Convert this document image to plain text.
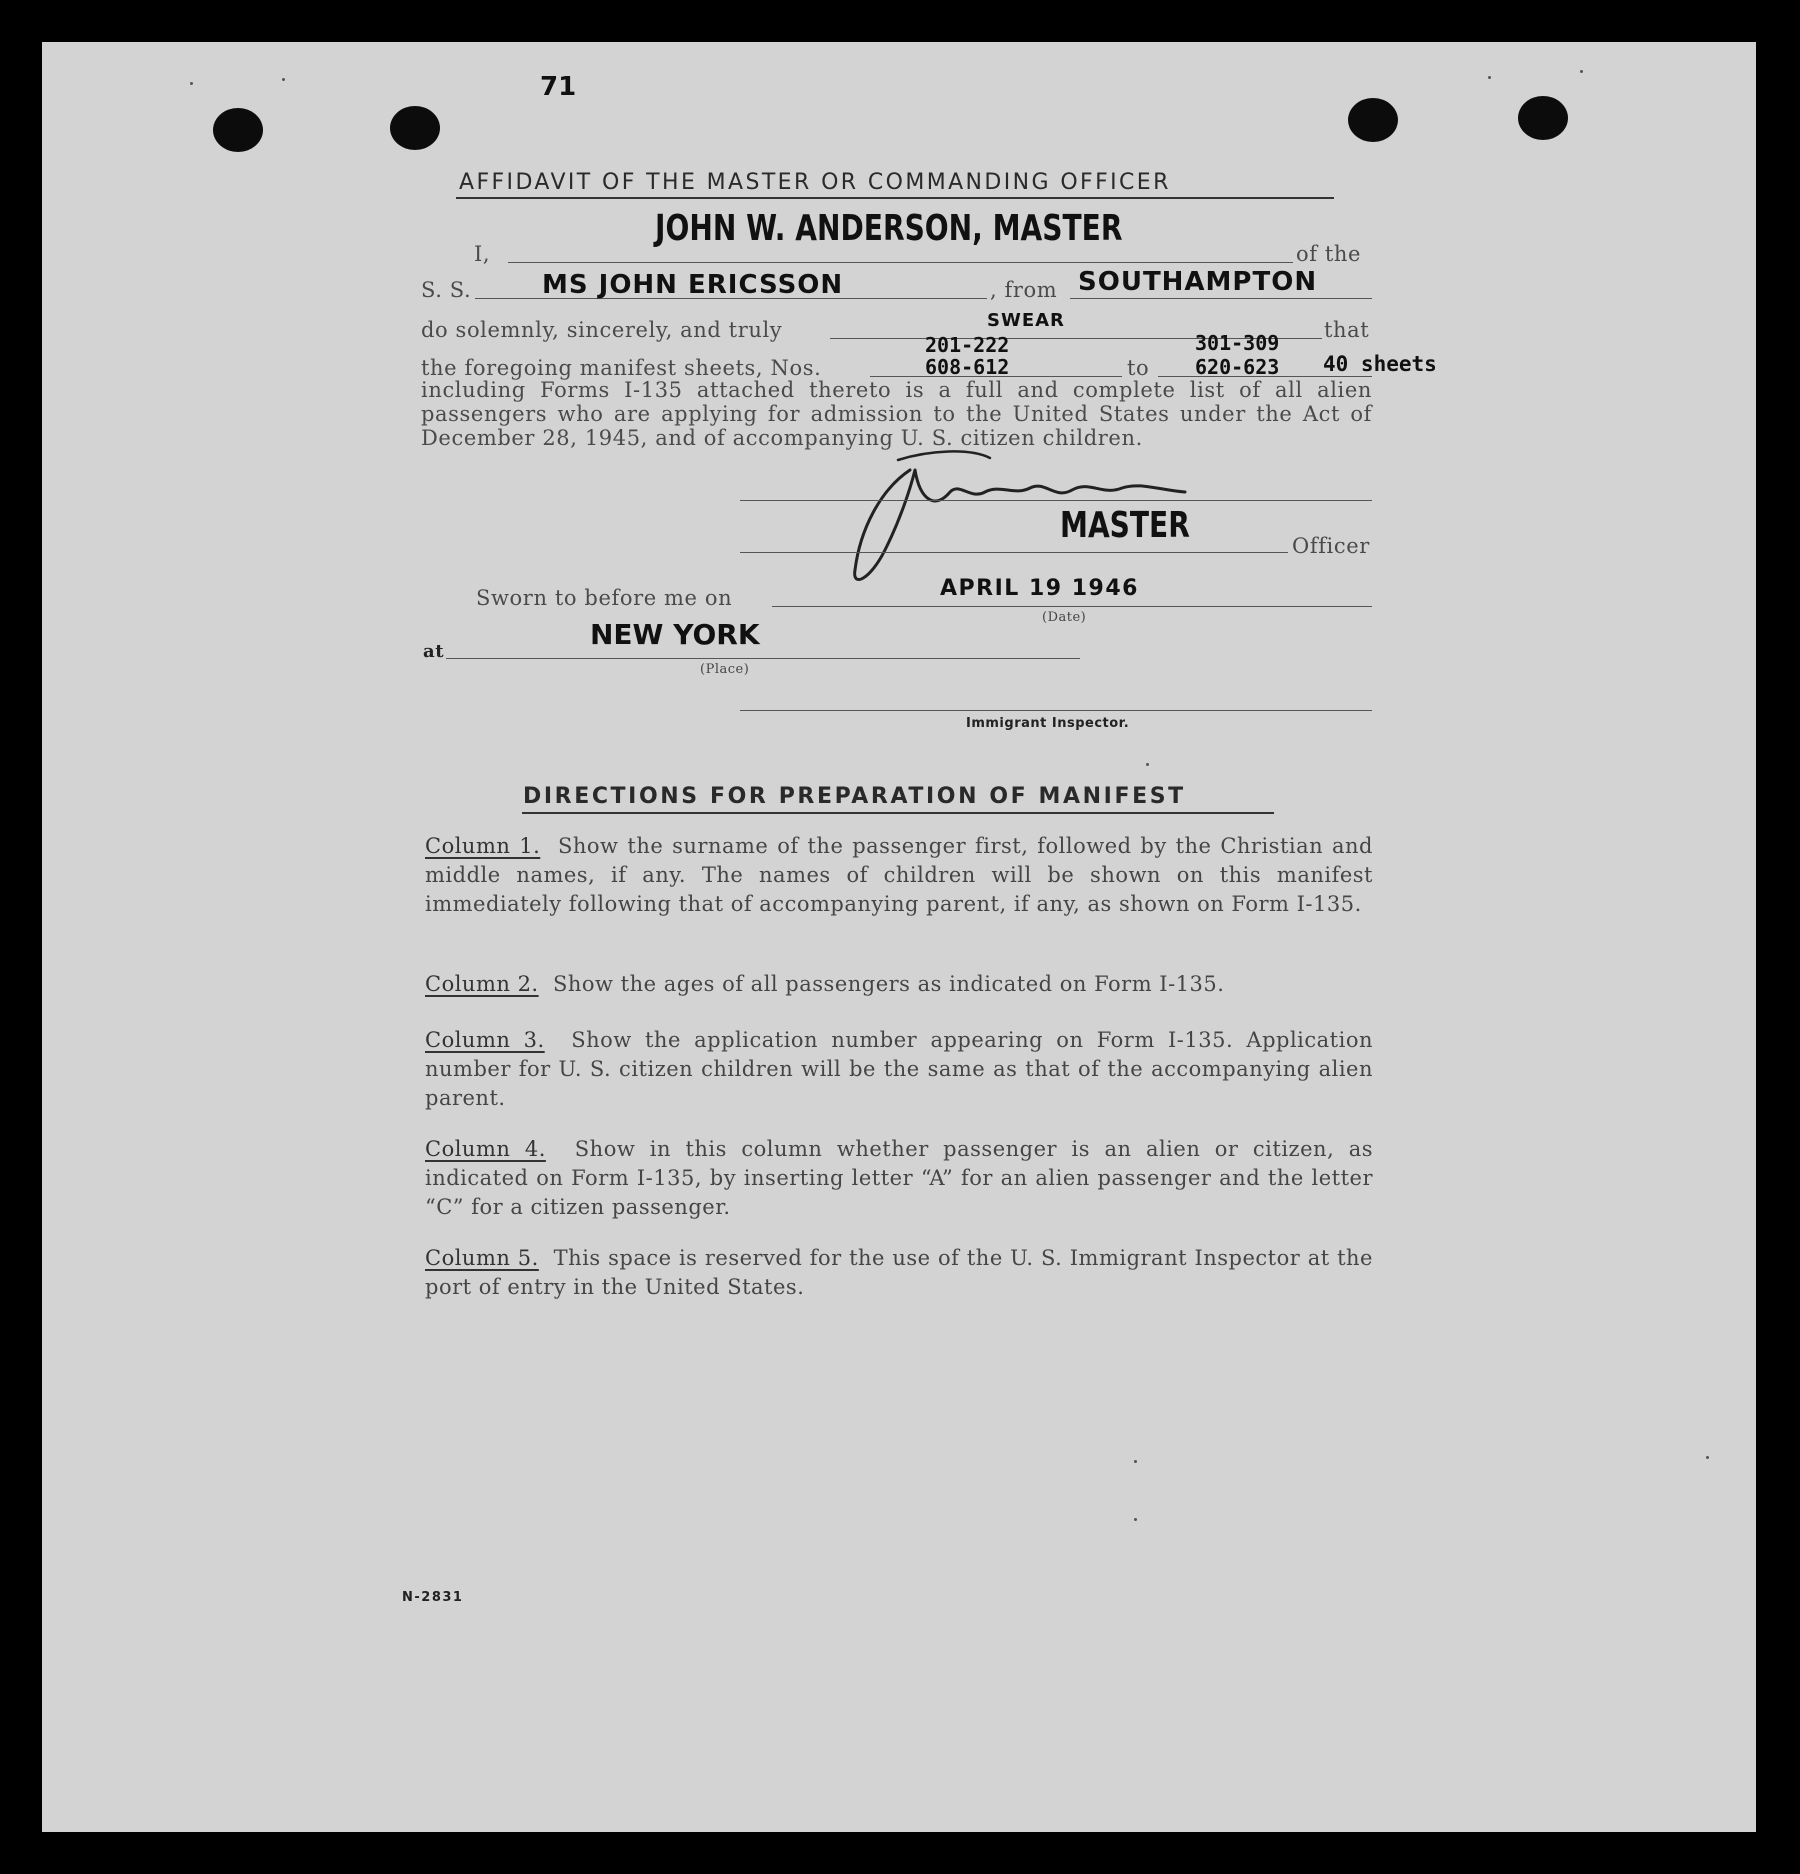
71
AFFIDAVIT OF THE MASTER OR COMMANDING OFFICER
I,
JOHN W. ANDERSON, MASTER
of the
S. S.	MS JOHN ERICSSON	, from SOUTHAMPTON
do solemnly, sincerely, and truly	SWEAR	that
201-222	301-309
the foregoing manifest sheets, Nos.	608-612	to 620-623 40 sheets
including Forms I-135 attached thereto is a full and complete list of all alien passengers who are applying for admission to the United States under the Act of December 28, 1945, and of accompanying U. S. citizen children.
MASTER	Officer
Sworn to before me on	APRIL 19 1946
(Date)
at
NEW YORK
(Place)
Immigrant Inspector.
DIRECTIONS FOR PREPARATION OF MANIFEST
Column 1. Show the surname of the passenger first, followed by the Christian and middle names, if any. The names of children will be shown on this manifest immediately following that of accompanying parent, if any, as shown on Form I-135.
Column 2. Show the ages of all passengers as indicated on Form I-135.
Column 3. Show the application number appearing on Form I-135. Application number for U. S. citizen children will be the same as that of the accompanying alien parent.
Column 4. Show in this column whether passenger is an alien or citizen, as indicated on Form I-135, by inserting letter “A” for an alien passenger and the letter “C” for a citizen passenger.
Column 5. This space is reserved for the use of the U. S. Immigrant Inspector at the port of entry in the United States.
N-2831
